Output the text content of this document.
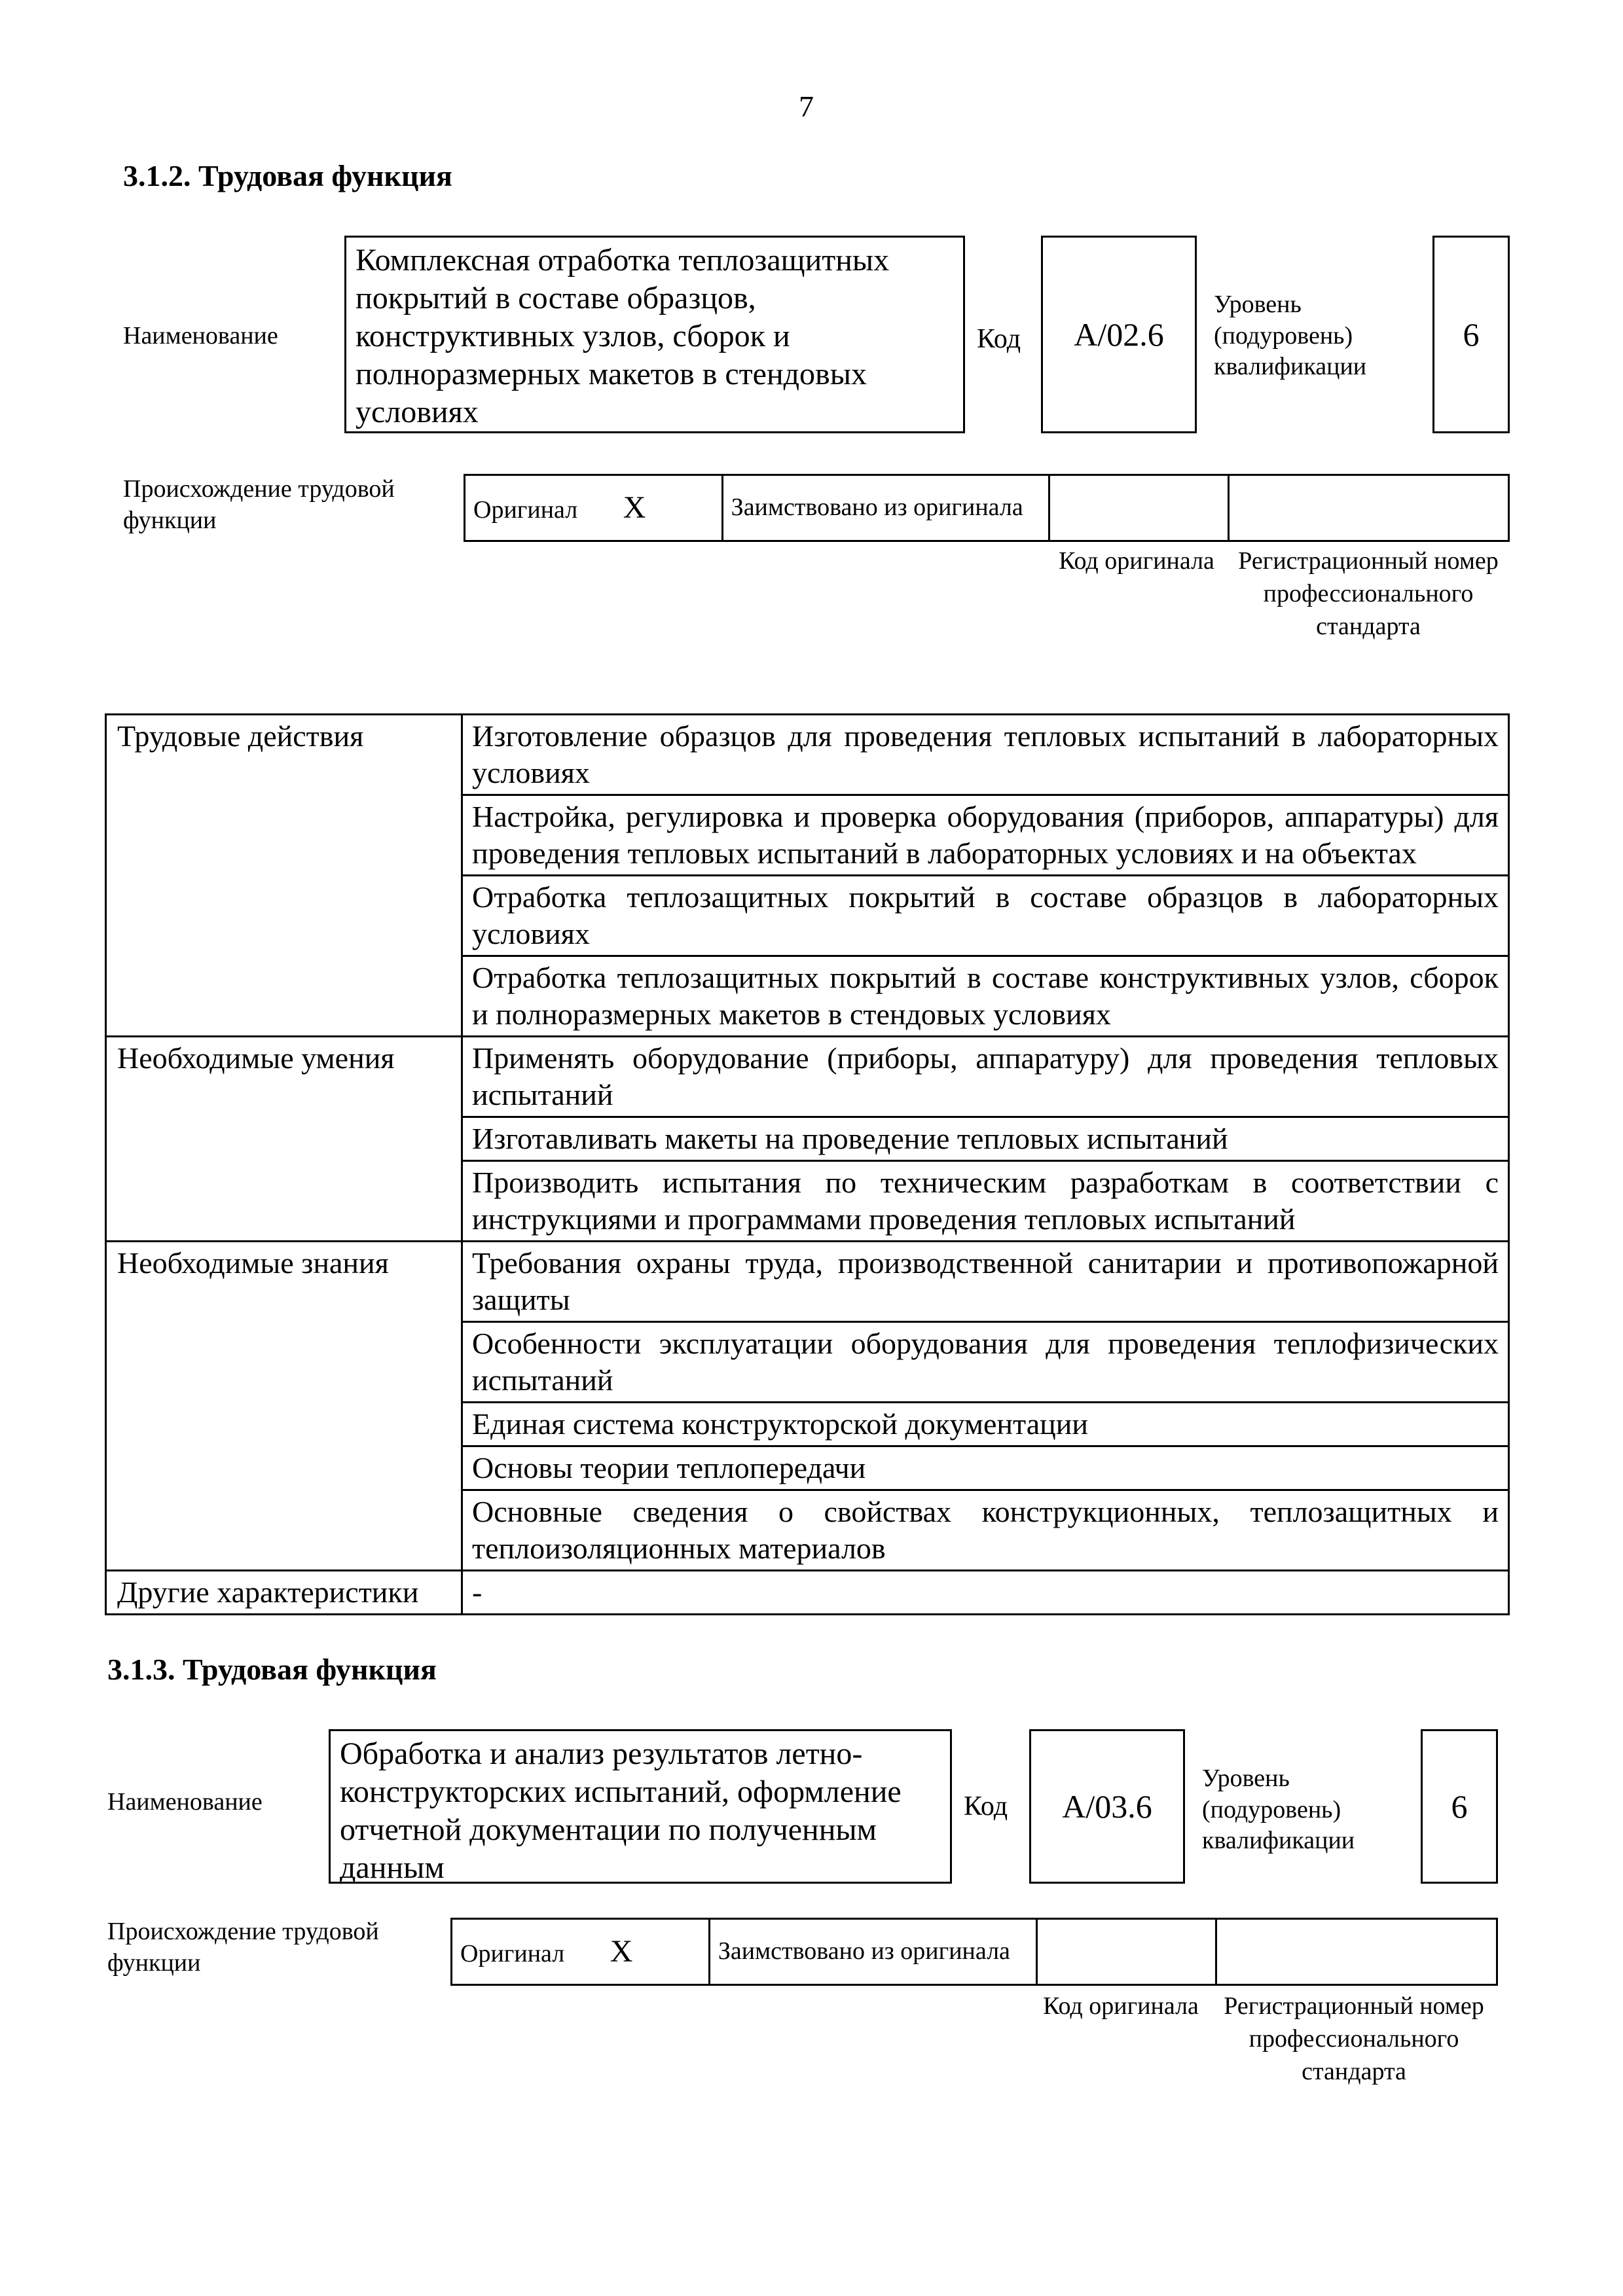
7
3.1.2. Трудовая функция
Наименование
Комплексная отработка теплозащитных покрытий в составе образцов, конструктивных узлов, сборок и полноразмерных макетов в стендовых условиях
Код A/02.6
Уровень (подуровень) квалификации
6
Происхождение трудовой функции	Оригинал X	Заимствовано из оригинала		
Код оригинала Регистрационный номер профессионального стандарта
Трудовые действия	Изготовление образцов для проведения тепловых испытаний в лабораторных условиях
	Настройка, регулировка и проверка оборудования (приборов, аппаратуры) для проведения тепловых испытаний в лабораторных условиях и на объектах
	Отработка теплозащитных покрытий в составе образцов в лабораторных условиях
	Отработка теплозащитных покрытий в составе конструктивных узлов, сборок и полноразмерных макетов в стендовых условиях
Необходимые умения	Применять оборудование (приборы, аппаратуру) для проведения тепловых испытаний
	Изготавливать макеты на проведение тепловых испытаний
	Производить испытания по техническим разработкам в соответствии с инструкциями и программами проведения тепловых испытаний
Необходимые знания	Требования охраны труда, производственной санитарии и противопожарной защиты
	Особенности эксплуатации оборудования для проведения теплофизических испытаний
	Единая система конструкторской документации
	Основы теории теплопередачи
	Основные сведения о свойствах конструкционных, теплозащитных и теплоизоляционных материалов
Другие характеристики	-
3.1.3. Трудовая функция
Наименование
Обработка и анализ результатов летно-конструкторских испытаний, оформление отчетной документации по полученным данным
Код A/03.6
Уровень (подуровень) квалификации
6
Происхождение трудовой функции	Оригинал X	Заимствовано из оригинала		
Код оригинала	Регистрационный номер профессионального стандарта
